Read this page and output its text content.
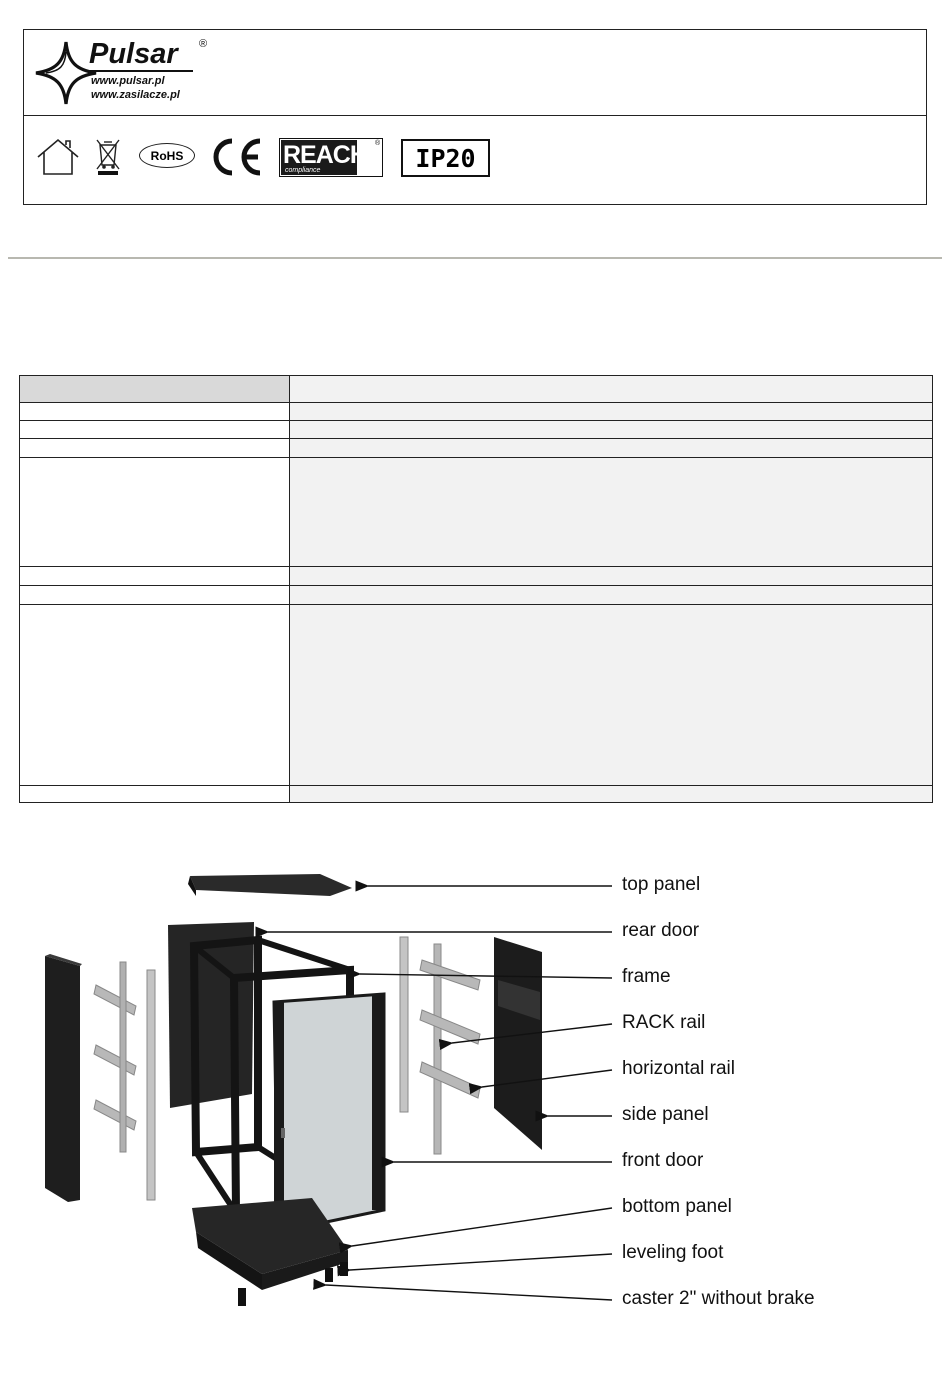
Pulsar ®
www.pulsar.pl
www.zasilacze.pl
RoHS	REACH
compliance
® IP20
top panel
rear door
frame
RACK rail
horizontal rail
side panel
front door
bottom panel
leveling foot
caster 2" without brake
